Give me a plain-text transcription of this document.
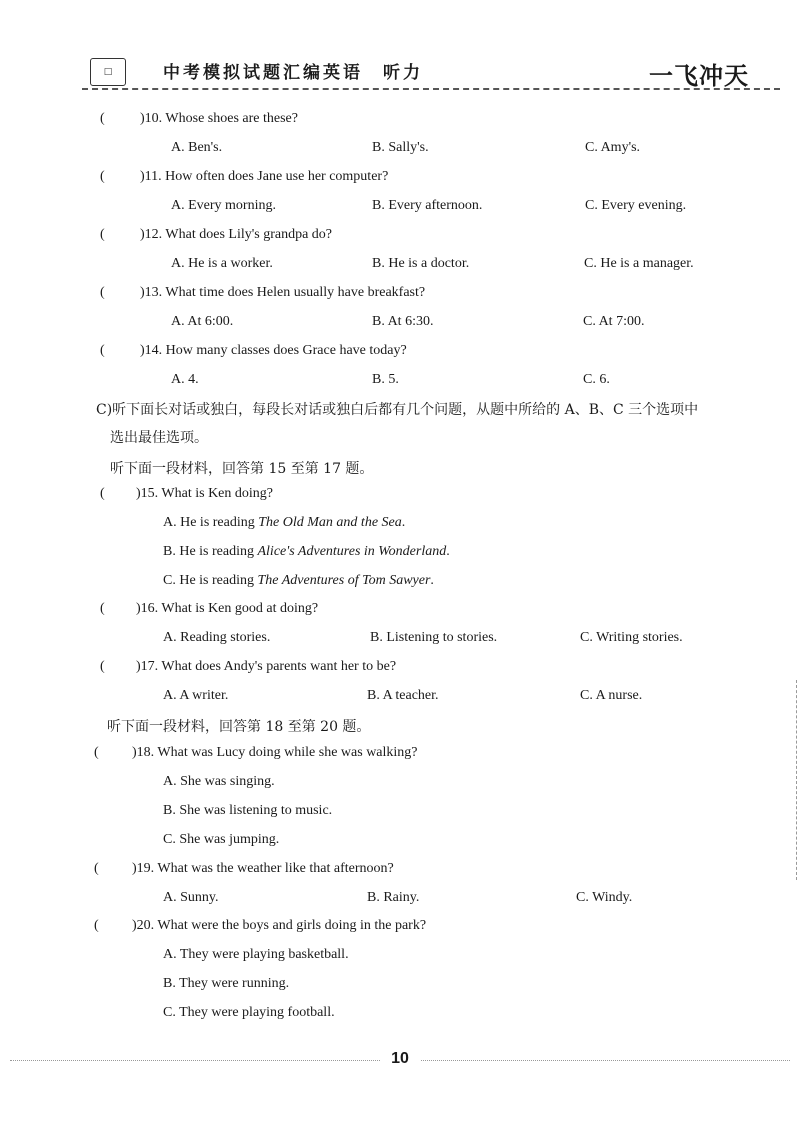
□	中考模拟试题汇编英语　听力	一飞冲天
(	)10. Whose shoes are these?
A. Ben's.	B. Sally's.	C. Amy's.
(	)11. How often does Jane use her computer?
A. Every morning.	B. Every afternoon.	C. Every evening.
(	)12. What does Lily's grandpa do?
A. He is a worker.	B. He is a doctor.	C. He is a manager.
(	)13. What time does Helen usually have breakfast?
A. At 6:00.	B. At 6:30.	C. At 7:00.
(	)14. How many classes does Grace have today?
A. 4.	B. 5.	C. 6.
C)听下面长对话或独白，每段长对话或独白后都有几个问题，从题中所给的 A、B、C 三个选项中
选出最佳选项。
听下面一段材料，回答第 15 至第 17 题。
( )15. What is Ken doing?
A. He is reading The Old Man and the Sea.
B. He is reading Alice's Adventures in Wonderland.
C. He is reading The Adventures of Tom Sawyer.
( )16. What is Ken good at doing?
A. Reading stories.	B. Listening to stories.	C. Writing stories.
( )17. What does Andy's parents want her to be?
A. A writer.	B. A teacher.	C. A nurse.
听下面一段材料，回答第 18 至第 20 题。
( )18. What was Lucy doing while she was walking?
A. She was singing.
B. She was listening to music.
C. She was jumping.
( )19. What was the weather like that afternoon?
A. Sunny.	B. Rainy.	C. Windy.
( )20. What were the boys and girls doing in the park?
A. They were playing basketball.
B. They were running.
C. They were playing football.
10
